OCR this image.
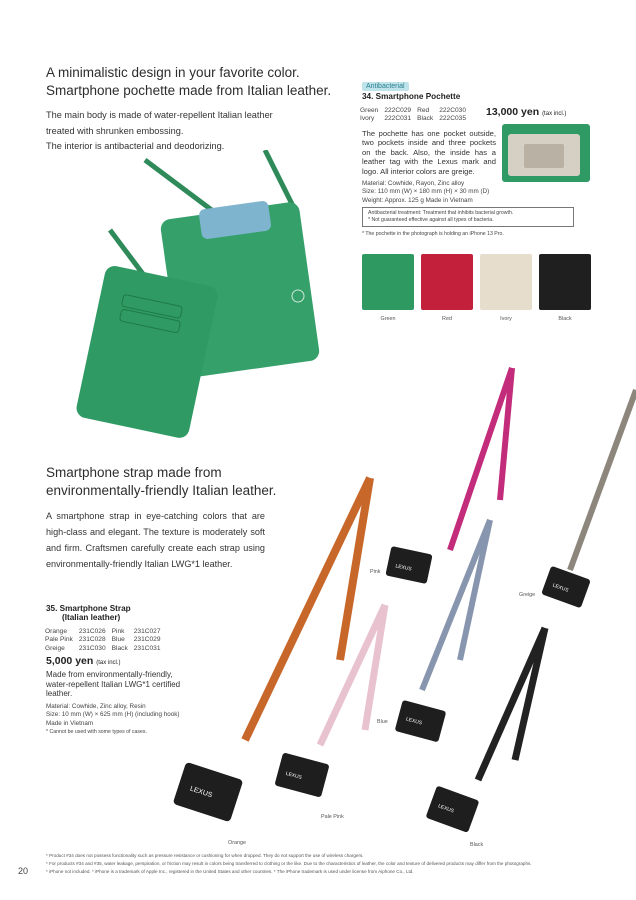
A minimalistic design in your favorite color.
Smartphone pochette made from Italian leather.
The main body is made of water-repellent Italian leather
treated with shrunken embossing.
The interior is antibacterial and deodorizing.
Antibacterial
34. Smartphone Pochette
Green	222C029	Red	222C030
Ivory	222C031	Black	222C035
13,000 yen (tax incl.)
The pochette has one pocket outside, two pockets inside and three pockets on the back. Also, the inside has a leather tag with the Lexus mark and logo. All interior colors are greige.
Material: Cowhide, Rayon, Zinc alloy
Size: 110 mm (W) × 180 mm (H) × 30 mm (D)
Weight: Approx. 125 g Made in Vietnam
Antibacterial treatment: Treatment that inhibits bacterial growth.
* Not guaranteed effective against all types of bacteria.
* The pochette in the photograph is holding an iPhone 13 Pro.
Green	Red	Ivory	Black
Smartphone strap made from
environmentally-friendly Italian leather.
A smartphone strap in eye-catching colors that are high-class and elegant. The texture is moderately soft and firm. Craftsmen carefully create each strap using environmentally-friendly Italian LWG*1 leather.
35. Smartphone Strap
(Italian leather)
Orange	231C026	Pink	231C027
Pale Pink	231C028	Blue	231C029
Greige	231C030	Black	231C031
5,000 yen (tax incl.)
Made from environmentally-friendly, water-repellent Italian LWG*1 certified leather.
Material: Cowhide, Zinc alloy, Resin
Size: 10 mm (W) × 625 mm (H) (including hook)
Made in Vietnam
* Cannot be used with some types of cases.
LEXUS
LEXUS
LEXUS
LEXUS
LEXUS
LEXUS
Pink
Greige
Blue
Pale Pink
Orange	Black
20
* Product #34 does not possess functionality such as pressure resistance or cushioning for when dropped. They do not support the use of wireless chargers.
* For products #34 and #35, water leakage, perspiration, or friction may result in colors being transferred to clothing or the like. Due to the characteristics of leather, the color and texture of delivered products may differ from the photographs.
* iPhone not included. * iPhone is a trademark of Apple Inc., registered in the United States and other countries. * The iPhone trademark is used under license from Aiphone Co., Ltd.
